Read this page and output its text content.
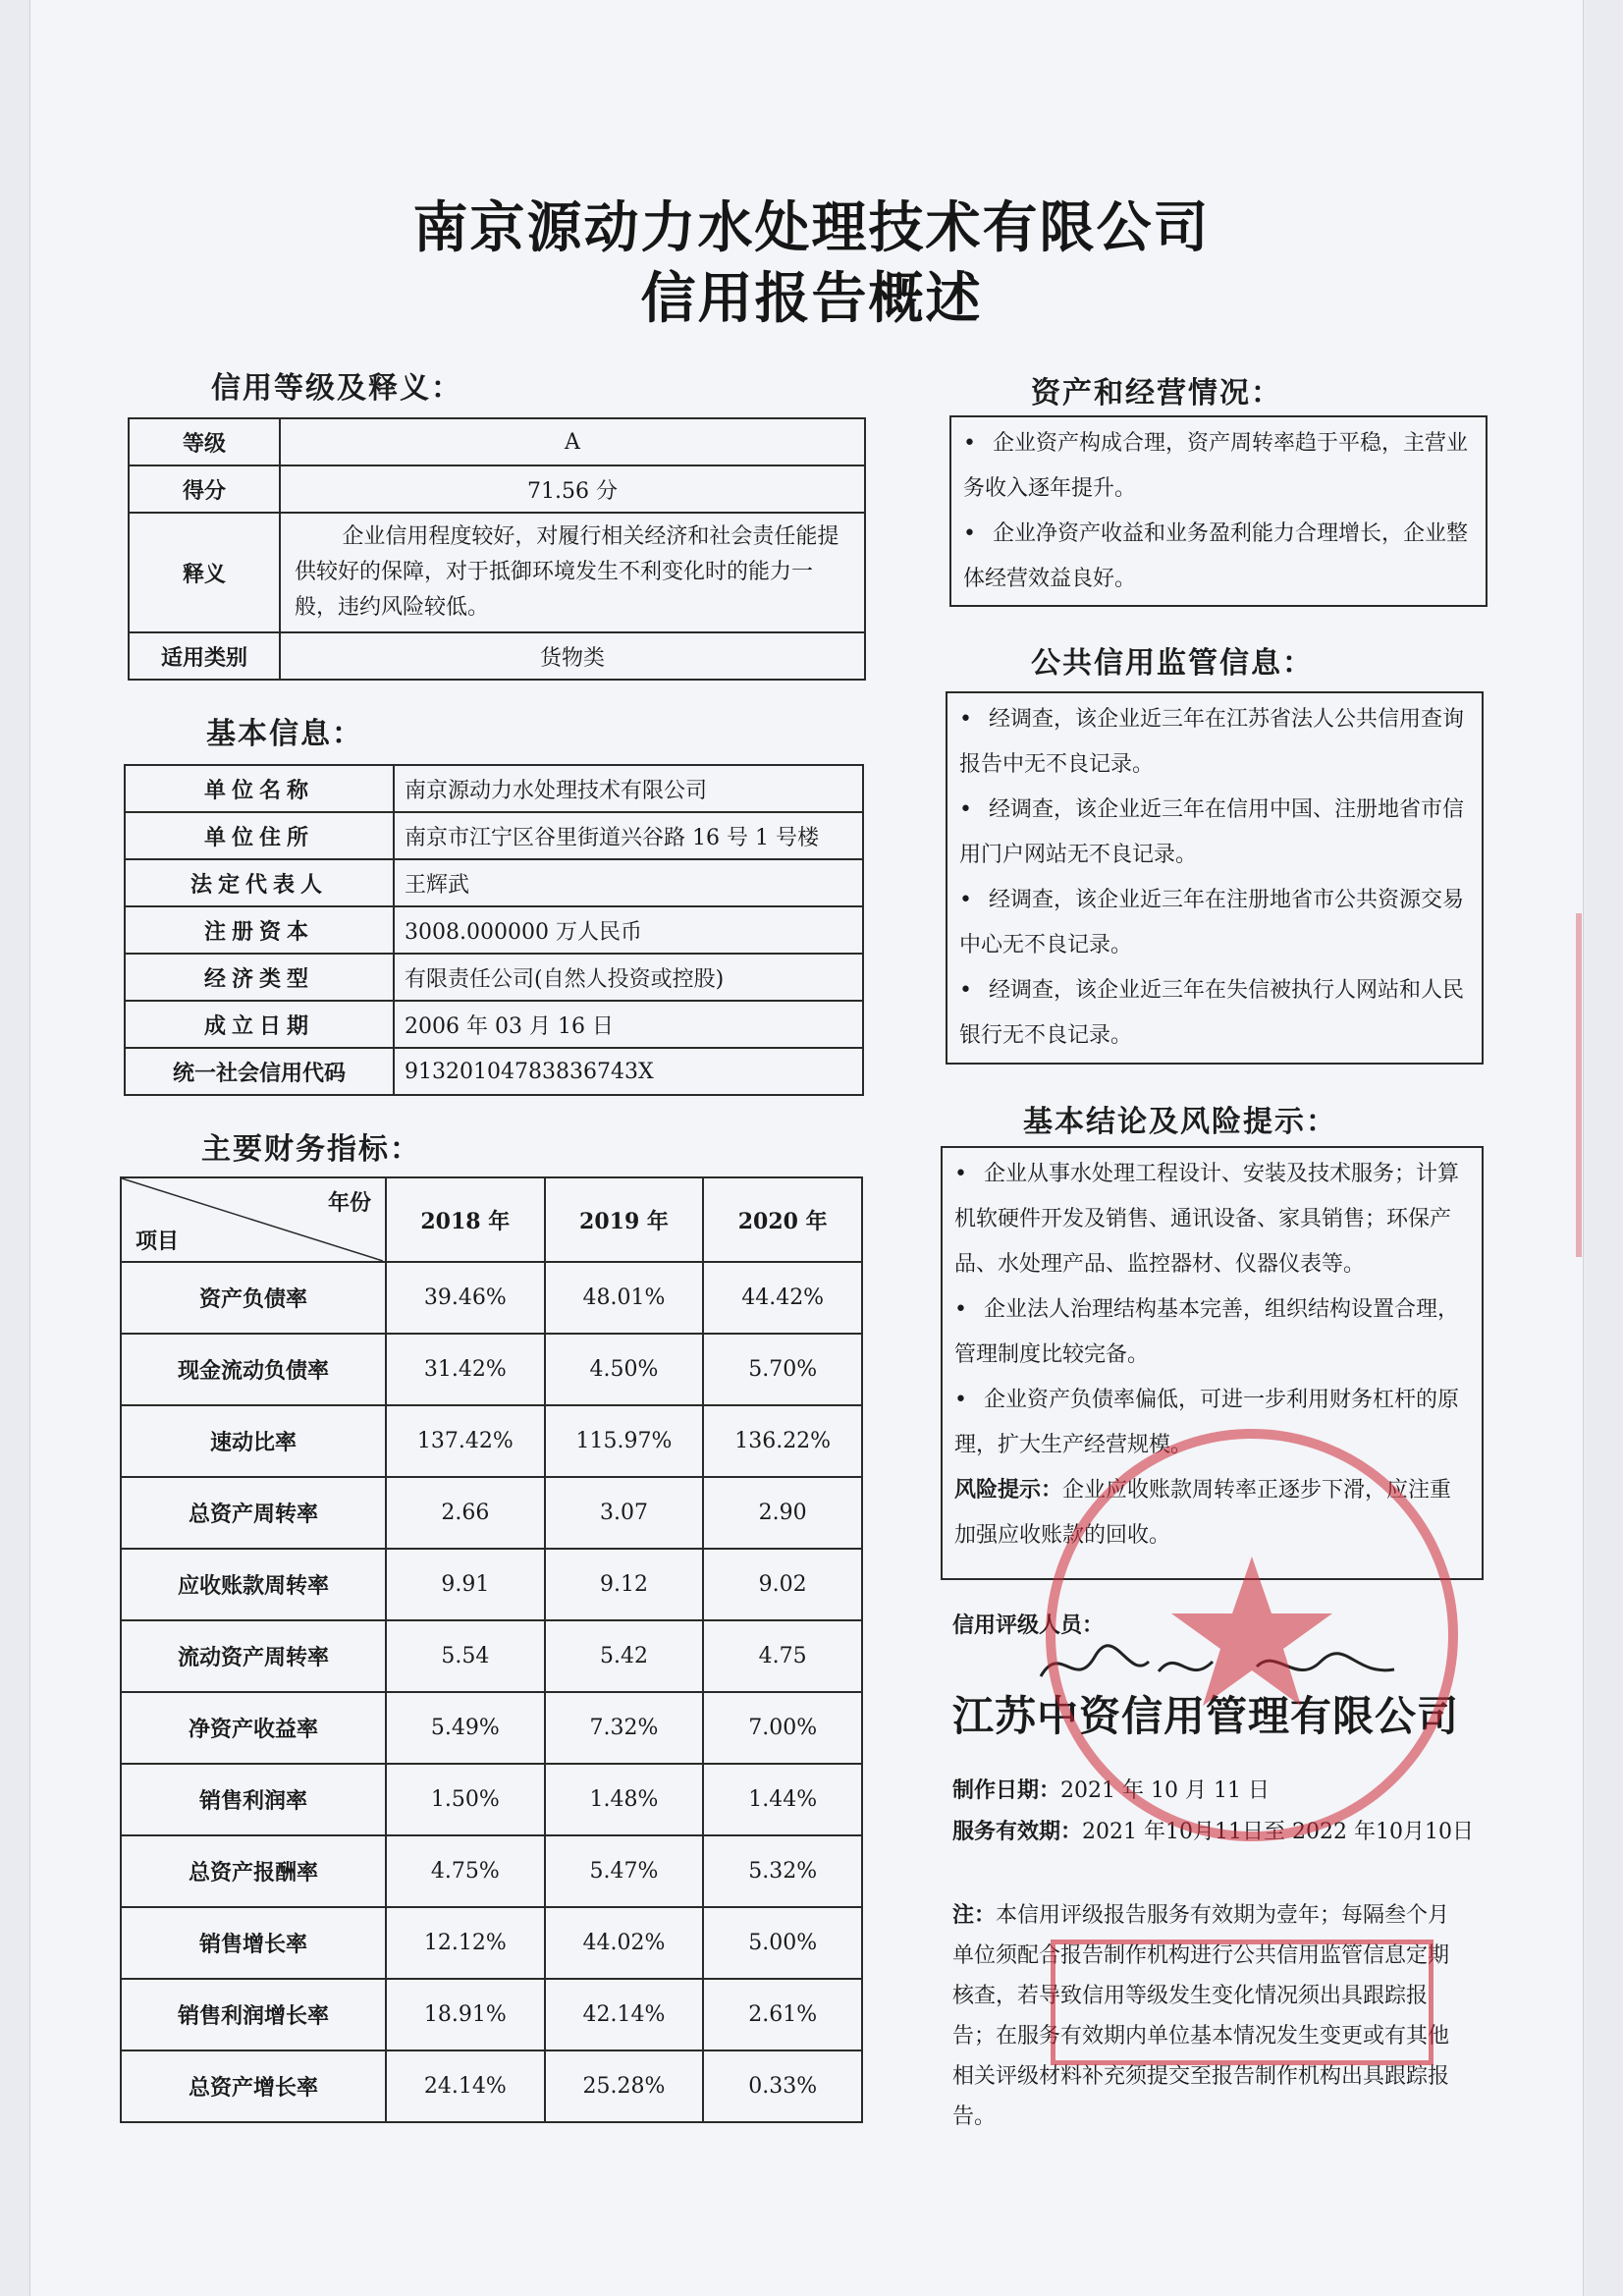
南京源动力水处理技术有限公司
信用报告概述
信用等级及释义：
等级	A
得分	71.56 分
释义	企业信用程度较好，对履行相关经济和社会责任能提供较好的保障，对于抵御环境发生不利变化时的能力一般，违约风险较低。
适用类别	货物类
基本信息：
单位名称	南京源动力水处理技术有限公司
单位住所	南京市江宁区谷里街道兴谷路 16 号 1 号楼
法定代表人	王辉武
注册资本	3008.000000 万人民币
经济类型	有限责任公司(自然人投资或控股)
成立日期	2006 年 03 月 16 日
统一社会信用代码	91320104783836743X
主要财务指标：
年份
项目	2018 年	2019 年	2020 年
资产负债率	39.46%	48.01%	44.42%
现金流动负债率	31.42%	4.50%	5.70%
速动比率	137.42%	115.97%	136.22%
总资产周转率	2.66	3.07	2.90
应收账款周转率	9.91	9.12	9.02
流动资产周转率	5.54	5.42	4.75
净资产收益率	5.49%	7.32%	7.00%
销售利润率	1.50%	1.48%	1.44%
总资产报酬率	4.75%	5.47%	5.32%
销售增长率	12.12%	44.02%	5.00%
销售利润增长率	18.91%	42.14%	2.61%
总资产增长率	24.14%	25.28%	0.33%
资产和经营情况：

• 企业资产构成合理，资产周转率趋于平稳，主营业务收入逐年提升。

• 企业净资产收益和业务盈利能力合理增长，企业整体经营效益良好。

公共信用监管信息：

• 经调查，该企业近三年在江苏省法人公共信用查询报告中无不良记录。

• 经调查，该企业近三年在信用中国、注册地省市信用门户网站无不良记录。

• 经调查，该企业近三年在注册地省市公共资源交易中心无不良记录。

• 经调查，该企业近三年在失信被执行人网站和人民银行无不良记录。

基本结论及风险提示：

• 企业从事水处理工程设计、安装及技术服务；计算机软硬件开发及销售、通讯设备、家具销售；环保产品、水处理产品、监控器材、仪器仪表等。

• 企业法人治理结构基本完善，组织结构设置合理，管理制度比较完备。

• 企业资产负债率偏低，可进一步利用财务杠杆的原理，扩大生产经营规模。

风险提示：企业应收账款周转率正逐步下滑，应注重加强应收账款的回收。

信用评级人员：
江苏中资信用管理有限公司
制作日期：2021 年 10 月 11 日
服务有效期：2021 年10月11日至 2022 年10月10日
注：本信用评级报告服务有效期为壹年；每隔叁个月单位须配合报告制作机构进行公共信用监管信息定期核查，若导致信用等级发生变化情况须出具跟踪报告；在服务有效期内单位基本情况发生变更或有其他相关评级材料补充须提交至报告制作机构出具跟踪报告。
